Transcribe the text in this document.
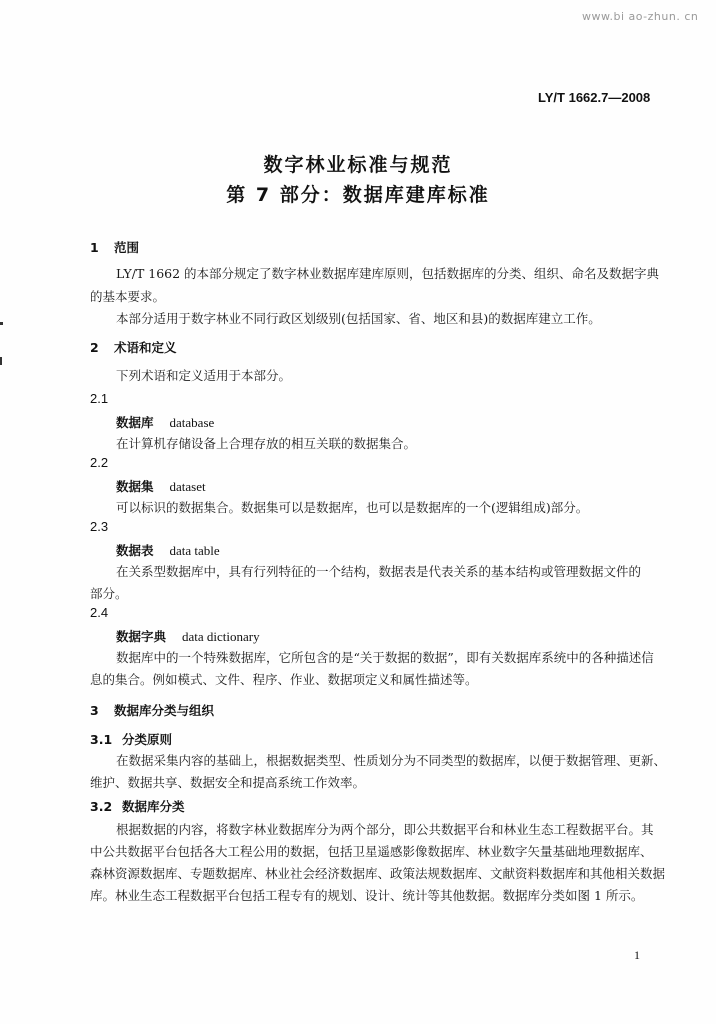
www.bi ao-zhun. cn
LY/T 1662.7—2008
数字林业标准与规范
第 7 部分：数据库建库标准
1 范围
LY/T 1662 的本部分规定了数字林业数据库建库原则，包括数据库的分类、组织、命名及数据字典
的基本要求。
本部分适用于数字林业不同行政区划级别(包括国家、省、地区和县)的数据库建立工作。
2 术语和定义
下列术语和定义适用于本部分。
2.1
数据库 database
在计算机存储设备上合理存放的相互关联的数据集合。
2.2
数据集 dataset
可以标识的数据集合。数据集可以是数据库，也可以是数据库的一个(逻辑组成)部分。
2.3
数据表 data table
在关系型数据库中，具有行列特征的一个结构，数据表是代表关系的基本结构或管理数据文件的
部分。
2.4
数据字典 data dictionary
数据库中的一个特殊数据库，它所包含的是“关于数据的数据”，即有关数据库系统中的各种描述信
息的集合。例如模式、文件、程序、作业、数据项定义和属性描述等。
3 数据库分类与组织
3.1 分类原则
在数据采集内容的基础上，根据数据类型、性质划分为不同类型的数据库，以便于数据管理、更新、
维护、数据共享、数据安全和提高系统工作效率。
3.2 数据库分类
根据数据的内容，将数字林业数据库分为两个部分，即公共数据平台和林业生态工程数据平台。其
中公共数据平台包括各大工程公用的数据，包括卫星遥感影像数据库、林业数字矢量基础地理数据库、
森林资源数据库、专题数据库、林业社会经济数据库、政策法规数据库、文献资料数据库和其他相关数据
库。林业生态工程数据平台包括工程专有的规划、设计、统计等其他数据。数据库分类如图 1 所示。
1
